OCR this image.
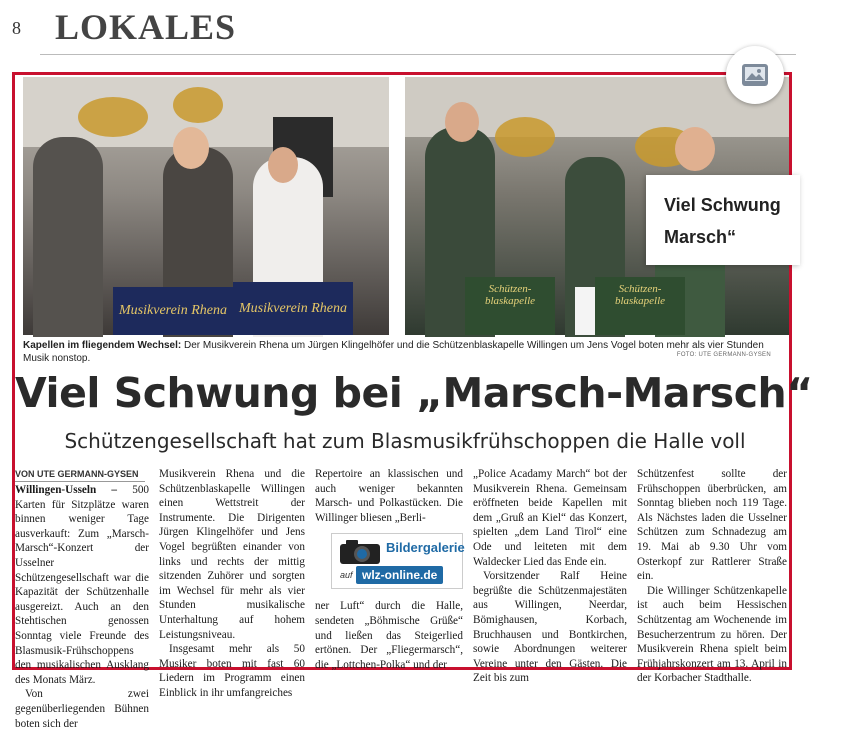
8 LOKALES
Musikverein Rhena Musikverein Rhena
Schützen-blaskapelle
Schützen-blaskapelle
Kapellen im fliegendem Wechsel: Der Musikverein Rhena um Jürgen Klingelhöfer und die Schützenblaskapelle Willingen um Jens Vogel boten mehr als vier Stunden Musik nonstop.	FOTO: UTE GERMANN-GYSEN
Viel Schwung bei „Marsch-Marsch“
Schützengesellschaft hat zum Blasmusikfrühschoppen die Halle voll
VON UTE GERMANN-GYSEN

Willingen-Usseln – 500 Karten für Sitzplätze waren binnen weniger Tage ausverkauft: Zum „Marsch-Marsch“-Konzert der Usselner Schützengesellschaft war die Kapazität der Schützenhalle ausgereizt. Auch an den Stehtischen genossen Sonntag viele Freunde des Blasmusik-Frühschoppens den musikalischen Ausklang des Monats März.

Von zwei gegenüberliegenden Bühnen boten sich der

Musikverein Rhena und die Schützenblaskapelle Willingen einen Wettstreit der Instrumente. Die Dirigenten Jürgen Klingelhöfer und Jens Vogel begrüßten einander von links und rechts der mittig sitzenden Zuhörer und sorgten im Wechsel für mehr als vier Stunden musikalische Unterhaltung auf hohem Leistungsniveau.

Insgesamt mehr als 50 Musiker boten mit fast 60 Liedern im Programm einen Einblick in ihr umfangreiches

Repertoire an klassischen und auch weniger bekannten Marsch- und Polkastücken. Die Willinger bliesen „Berli-

ner Luft“ durch die Halle, sendeten „Böhmische Grüße“ und ließen das Steigerlied ertönen. Der „Fliegermarsch“, die „Lottchen-Polka“ und der

Bildergalerie
auf wlz-online.de

„Police Acadamy March“ bot der Musikverein Rhena. Gemeinsam eröffneten beide Kapellen mit dem „Gruß an Kiel“ das Konzert, spielten „dem Land Tirol“ eine Ode und leiteten mit dem Waldecker Lied das Ende ein.

Vorsitzender Ralf Heine begrüßte die Schützenmajestäten aus Willingen, Neerdar, Bömighausen, Korbach, Bruchhausen und Bontkirchen, sowie Abordnungen weiterer Vereine unter den Gästen. Die Zeit bis zum

Schützenfest sollte der Frühschoppen überbrücken, am Sonntag blieben noch 119 Tage. Als Nächstes laden die Usselner Schützen zum Schnadezug am 19. Mai ab 9.30 Uhr vom Osterkopf zur Rattlerer Straße ein.

Die Willinger Schützenkapelle ist auch beim Hessischen Schützentag am Wochenende im Besucherzentrum zu hören. Der Musikverein Rhena spielt beim Frühjahrskonzert am 13. April in der Korbacher Stadthalle.

Viel Schwung
Marsch“
